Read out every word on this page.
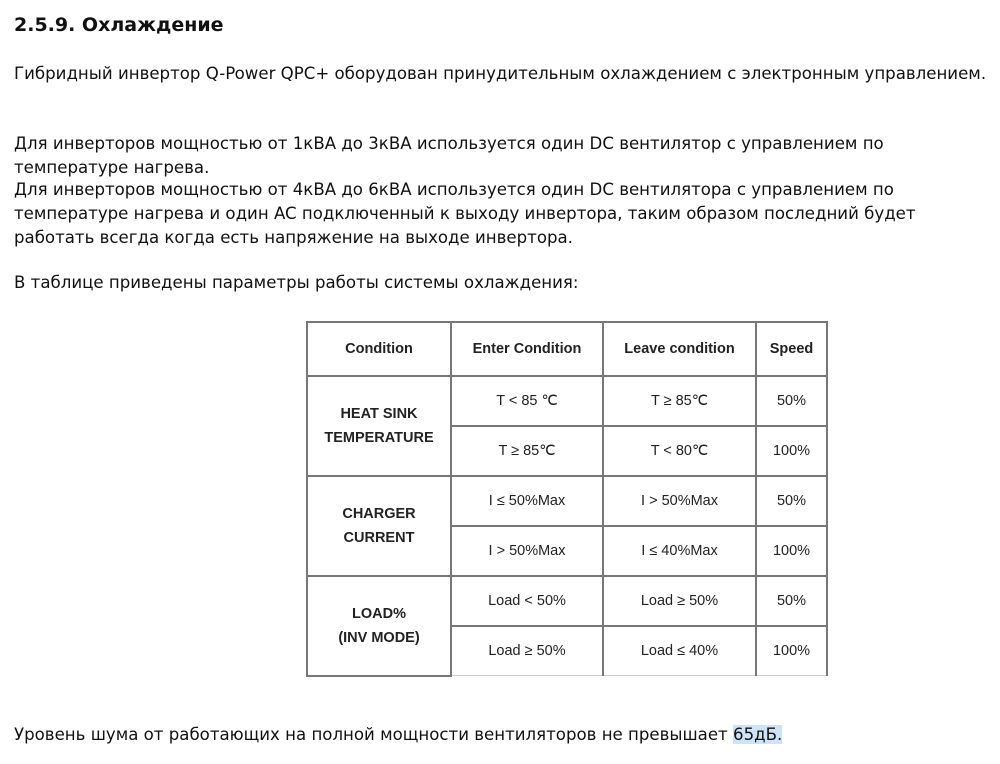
2.5.9. Охлаждение

Гибридный инвертор Q-Power QPC+ оборудован принудительным охлаждением с электронным управлением.

Для инверторов мощностью от 1кВА до 3кВА используется один DC вентилятор с управлением по температуре нагрева.

Для инверторов мощностью от 4кВА до 6кВА используется один DC вентилятора с управлением по температуре нагрева и один AC подключенный к выходу инвертора, таким образом последний будет работать всегда когда есть напряжение на выходе инвертора.

В таблице приведены параметры работы системы охлаждения:

Condition	Enter Condition	Leave condition	Speed
HEAT SINK
TEMPERATURE	T < 85 ℃	T ≥ 85℃	50%
	T ≥ 85℃	T < 80℃	100%
CHARGER
CURRENT	I ≤ 50%Max	I > 50%Max	50%
	I > 50%Max	I ≤ 40%Max	100%
LOAD%
(INV MODE)	Load < 50%	Load ≥ 50%	50%
	Load ≥ 50%	Load ≤ 40%	100%

Уровень шума от работающих на полной мощности вентиляторов не превышает 65дБ.
